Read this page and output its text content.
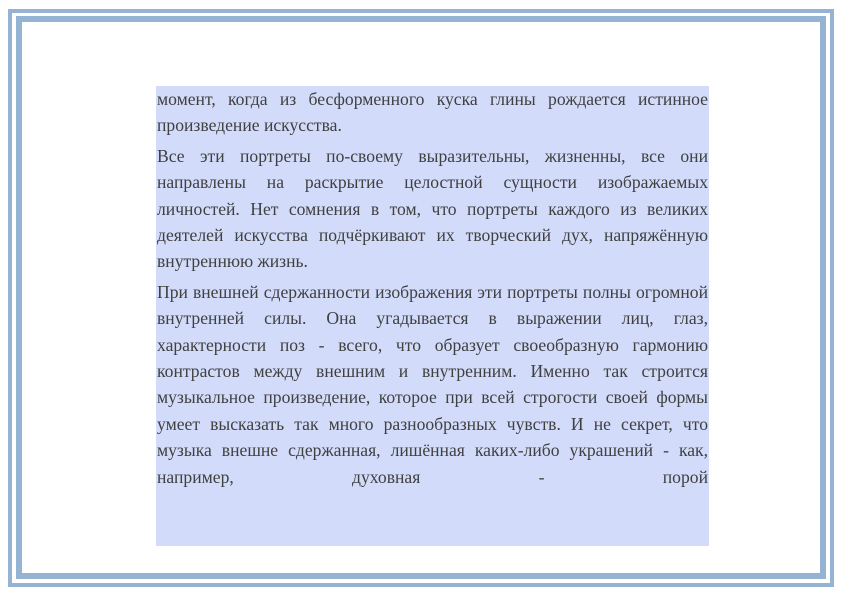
момент, когда из бесформенного куска глины рождается истинное произведение искусства.

Все эти портреты по-своему выразительны, жизненны, все они направлены на раскрытие целостной сущности изображаемых личностей. Нет сомнения в том, что портреты каждого из великих деятелей искусства подчёркивают их творческий дух, напряжённую внутреннюю жизнь.

При внешней сдержанности изображения эти портреты полны огромной внутренней силы. Она угадывается в выражении лиц, глаз, характерности поз - всего, что образует своеобразную гармонию контрастов между внешним и внутренним. Именно так строится музыкальное произведение, которое при всей строгости своей формы умеет высказать так много разнообразных чувств. И не секрет, что музыка внешне сдержанная, лишённая каких-либо украшений - как, например, духовная - порой
